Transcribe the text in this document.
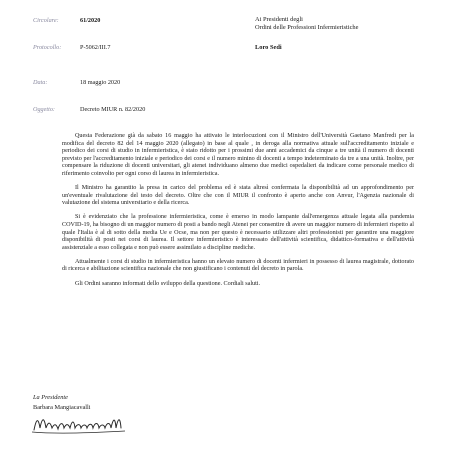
Circolare:	61/2020
Protocollo:	P-5062/III.7
Data:	18 maggio 2020
Oggetto:	Decreto MIUR n. 82/2020
Ai Presidenti degli
Ordini delle Professioni Infermieristiche
Loro Sedi

Questa Federazione già da sabato 16 maggio ha attivato le interlocuzioni con il Ministro dell'Università Gaetano Manfredi per la modifica del decreto 82 del 14 maggio 2020 (allegato) in base al quale , in deroga alla normativa attuale sull'accreditamento iniziale e periodico dei corsi di studio in infermieristica, è stato ridotto per i prossimi due anni accademici da cinque a tre unità il numero di docenti previsto per l'accreditamento iniziale e periodico dei corsi e il numero minino di docenti a tempo indeterminato da tre a una unità. Inoltre, per compensare la riduzione di docenti universitari, gli atenei individuano almeno due medici ospedalieri da indicare come personale medico di riferimento coinvolto per ogni corso di laurea in infermieristica.

Il Ministro ha garantito la presa in carico del problema ed è stata altresì confermata la disponibilità ad un approfondimento per un'eventuale rivalutazione del testo del decreto. Oltre che con il MIUR il confronto è aperto anche con Anvur, l'Agenzia nazionale di valutazione del sistema universitario e della ricerca.

Si è evidenziato che la professione infermieristica, come è emerso in modo lampante dall'emergenza attuale legata alla pandemia COVID-19, ha bisogno di un maggior numero di posti a bando negli Atenei per consentire di avere un maggior numero di infermieri rispetto al quale l'Italia è al di sotto della media Ue e Ocse, ma non per questo è necessario utilizzare altri professionisti per garantire una maggiore disponibilità di posti nei corsi di laurea. Il settore infermieristico è interessato dell'attività scientifica, didattico-formativa e dell'attività assistenziale a esso collegata e non può essere assimilato a discipline mediche.

Attualmente i corsi di studio in infermieristica hanno un elevato numero di docenti infermieri in possesso di laurea magistrale, dottorato di ricerca e abilitazione scientifica nazionale che non giustificano i contenuti del decreto in parola.

Gli Ordini saranno informati dello sviluppo della questione. Cordiali saluti.

La Presidente
Barbara Mangiacavalli
